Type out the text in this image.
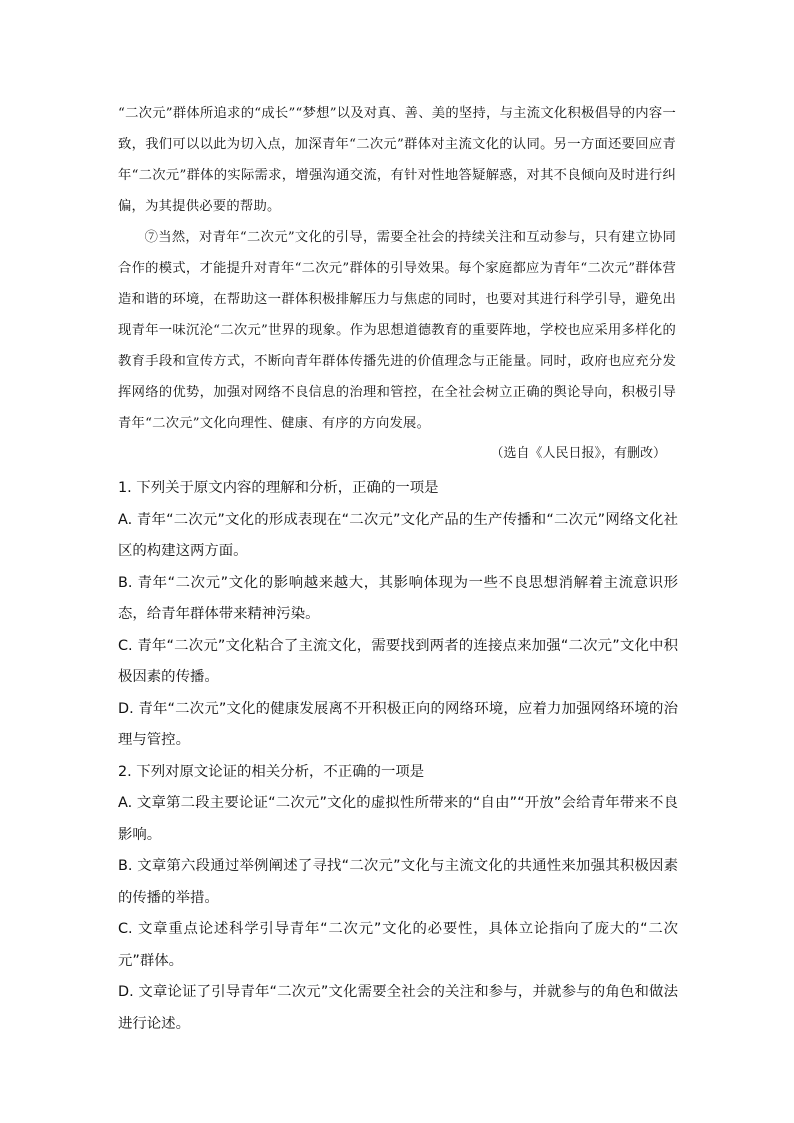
“二次元”群体所追求的“成长”“梦想”以及对真、善、美的坚持，与主流文化积极倡导的内容一致，我们可以以此为切入点，加深青年“二次元”群体对主流文化的认同。另一方面还要回应青年“二次元”群体的实际需求，增强沟通交流，有针对性地答疑解惑，对其不良倾向及时进行纠偏，为其提供必要的帮助。

⑦当然，对青年“二次元”文化的引导，需要全社会的持续关注和互动参与，只有建立协同合作的模式，才能提升对青年“二次元”群体的引导效果。每个家庭都应为青年“二次元”群体营造和谐的环境，在帮助这一群体积极排解压力与焦虑的同时，也要对其进行科学引导，避免出现青年一味沉沦“二次元”世界的现象。作为思想道德教育的重要阵地，学校也应采用多样化的教育手段和宣传方式，不断向青年群体传播先进的价值理念与正能量。同时，政府也应充分发挥网络的优势，加强对网络不良信息的治理和管控，在全社会树立正确的舆论导向，积极引导青年“二次元”文化向理性、健康、有序的方向发展。

（选自《人民日报》，有删改）

1. 下列关于原文内容的理解和分析，正确的一项是

A. 青年“二次元”文化的形成表现在“二次元”文化产品的生产传播和“二次元”网络文化社区的构建这两方面。

B. 青年“二次元”文化的影响越来越大，其影响体现为一些不良思想消解着主流意识形态，给青年群体带来精神污染。

C. 青年“二次元”文化粘合了主流文化，需要找到两者的连接点来加强“二次元”文化中积极因素的传播。

D. 青年“二次元”文化的健康发展离不开积极正向的网络环境，应着力加强网络环境的治理与管控。

2. 下列对原文论证的相关分析，不正确的一项是

A. 文章第二段主要论证“二次元”文化的虚拟性所带来的“自由”“开放”会给青年带来不良影响。

B. 文章第六段通过举例阐述了寻找“二次元”文化与主流文化的共通性来加强其积极因素的传播的举措。

C. 文章重点论述科学引导青年“二次元”文化的必要性，具体立论指向了庞大的“二次元”群体。

D. 文章论证了引导青年“二次元”文化需要全社会的关注和参与，并就参与的角色和做法进行论述。
